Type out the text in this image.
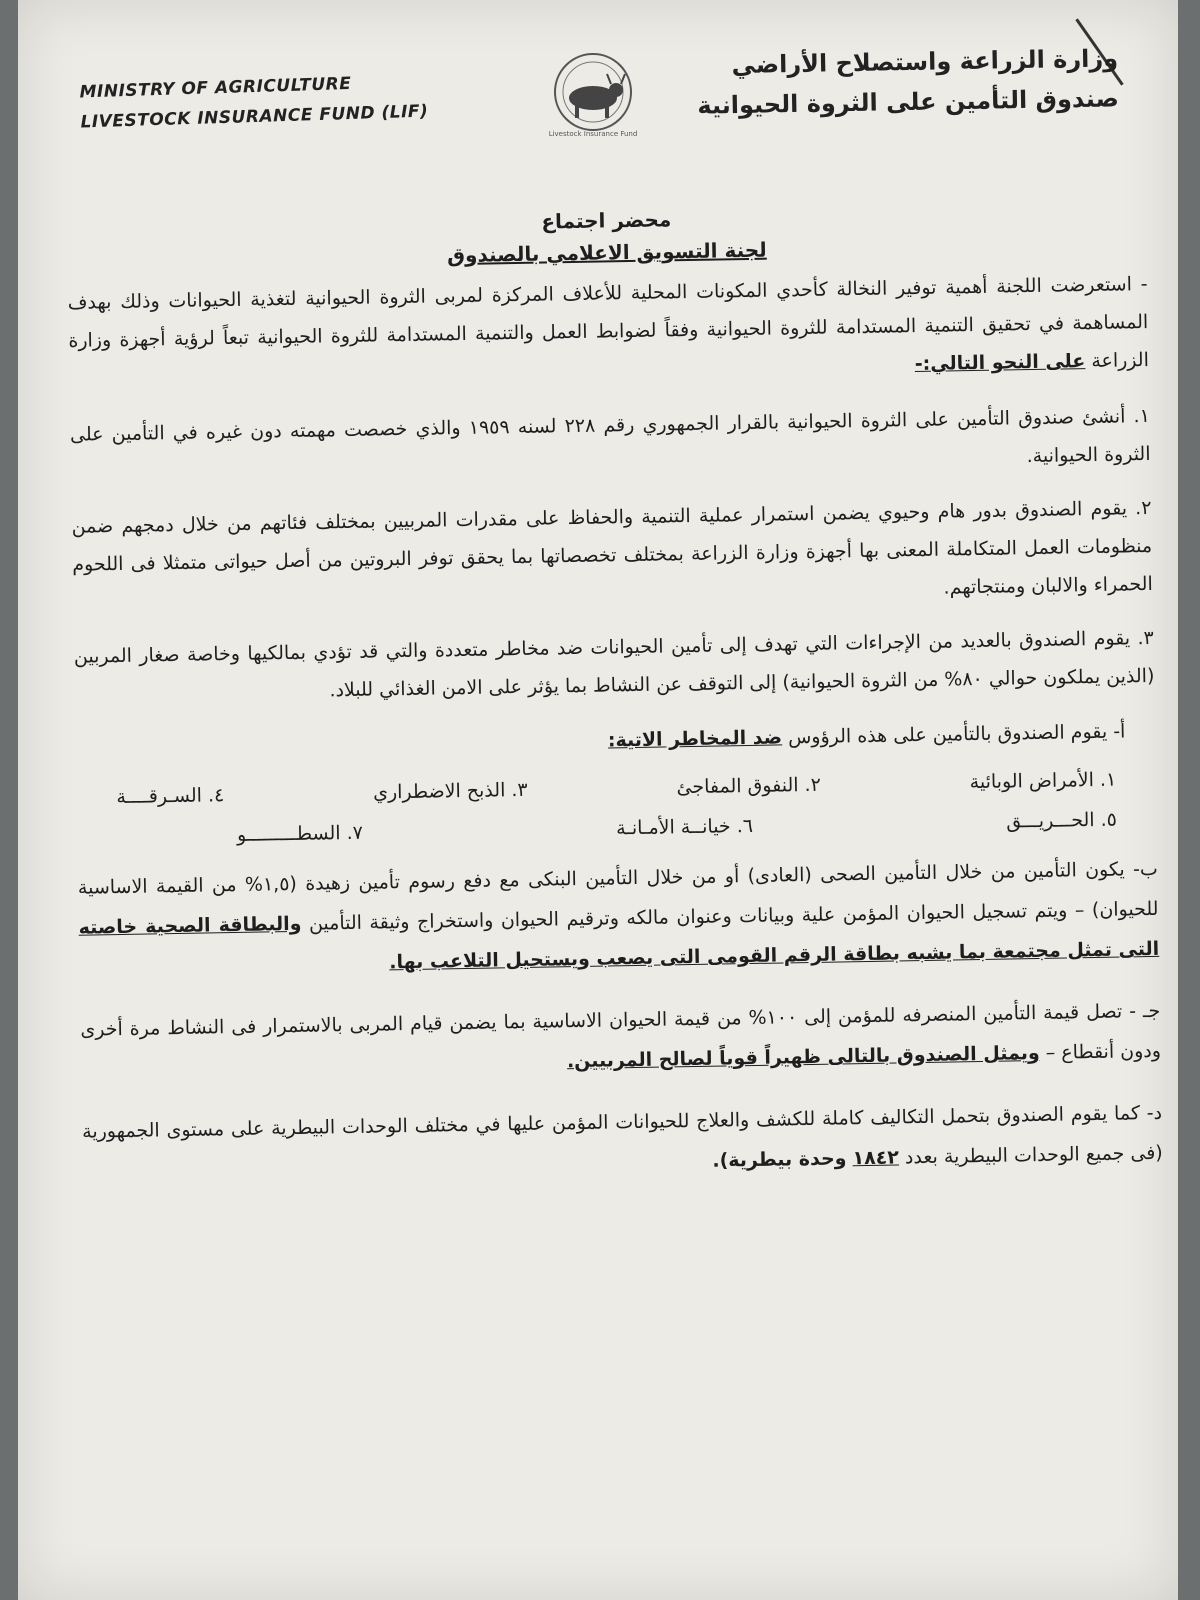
MINISTRY OF AGRICULTURE
LIVESTOCK INSURANCE FUND (LIF)
Livestock Insurance Fund
وزارة الزراعة واستصلاح الأراضي
صندوق التأمين على الثروة الحيوانية
محضر اجتماع
لجنة التسويق الاعلامي بالصندوق

- استعرضت اللجنة أهمية توفير النخالة كأحدي المكونات المحلية للأعلاف المركزة لمربى الثروة الحيوانية لتغذية الحيوانات وذلك بهدف المساهمة في تحقيق التنمية المستدامة للثروة الحيوانية وفقاً لضوابط العمل والتنمية المستدامة للثروة الحيوانية تبعاً لرؤية أجهزة وزارة الزراعة على النحو التالي:-

١. أنشئ صندوق التأمين على الثروة الحيوانية بالقرار الجمهوري رقم ٢٢٨ لسنه ١٩٥٩ والذي خصصت مهمته دون غيره في التأمين على الثروة الحيوانية.

٢. يقوم الصندوق بدور هام وحيوي يضمن استمرار عملية التنمية والحفاظ على مقدرات المربيين بمختلف فئاتهم من خلال دمجهم ضمن منظومات العمل المتكاملة المعنى بها أجهزة وزارة الزراعة بمختلف تخصصاتها بما يحقق توفر البروتين من أصل حيواتى متمثلا فى اللحوم الحمراء والالبان ومنتجاتهم.

٣. يقوم الصندوق بالعديد من الإجراءات التي تهدف إلى تأمين الحيوانات ضد مخاطر متعددة والتي قد تؤدي بمالكيها وخاصة صغار المربين (الذين يملكون حوالي ٨٠% من الثروة الحيوانية) إلى التوقف عن النشاط بما يؤثر على الامن الغذائي للبلاد.

أ- يقوم الصندوق بالتأمين على هذه الرؤوس ضد المخاطر الاتية:

١. الأمراض الوبائية
٢. النفوق المفاجئ
٣. الذبح الاضطراري
٤. السـرقــــة
٥. الحـــريـــق
٦. خيانــة الأمـانـة
٧. السطـــــــــو

ب- يكون التأمين من خلال التأمين الصحى (العادى) أو من خلال التأمين البنكى مع دفع رسوم تأمين زهيدة (١,٥% من القيمة الاساسية للحيوان) – ويتم تسجيل الحيوان المؤمن علية وبيانات وعنوان مالكه وترقيم الحيوان واستخراج وثيقة التأمين والبطاقة الصحية خاصته التى تمثل مجتمعة بما يشبه بطاقة الرقم القومى التى يصعب ويستحيل التلاعب بها.

جـ - تصل قيمة التأمين المنصرفه للمؤمن إلى ١٠٠% من قيمة الحيوان الاساسية بما يضمن قيام المربى بالاستمرار فى النشاط مرة أخرى ودون أنقطاع – ويمثل الصندوق بالتالى ظهيراً قوياً لصالح المربيين.

د- كما يقوم الصندوق بتحمل التكاليف كاملة للكشف والعلاج للحيوانات المؤمن عليها في مختلف الوحدات البيطرية على مستوى الجمهورية (فى جميع الوحدات البيطرية بعدد ١٨٤٢ وحدة بيطرية).
